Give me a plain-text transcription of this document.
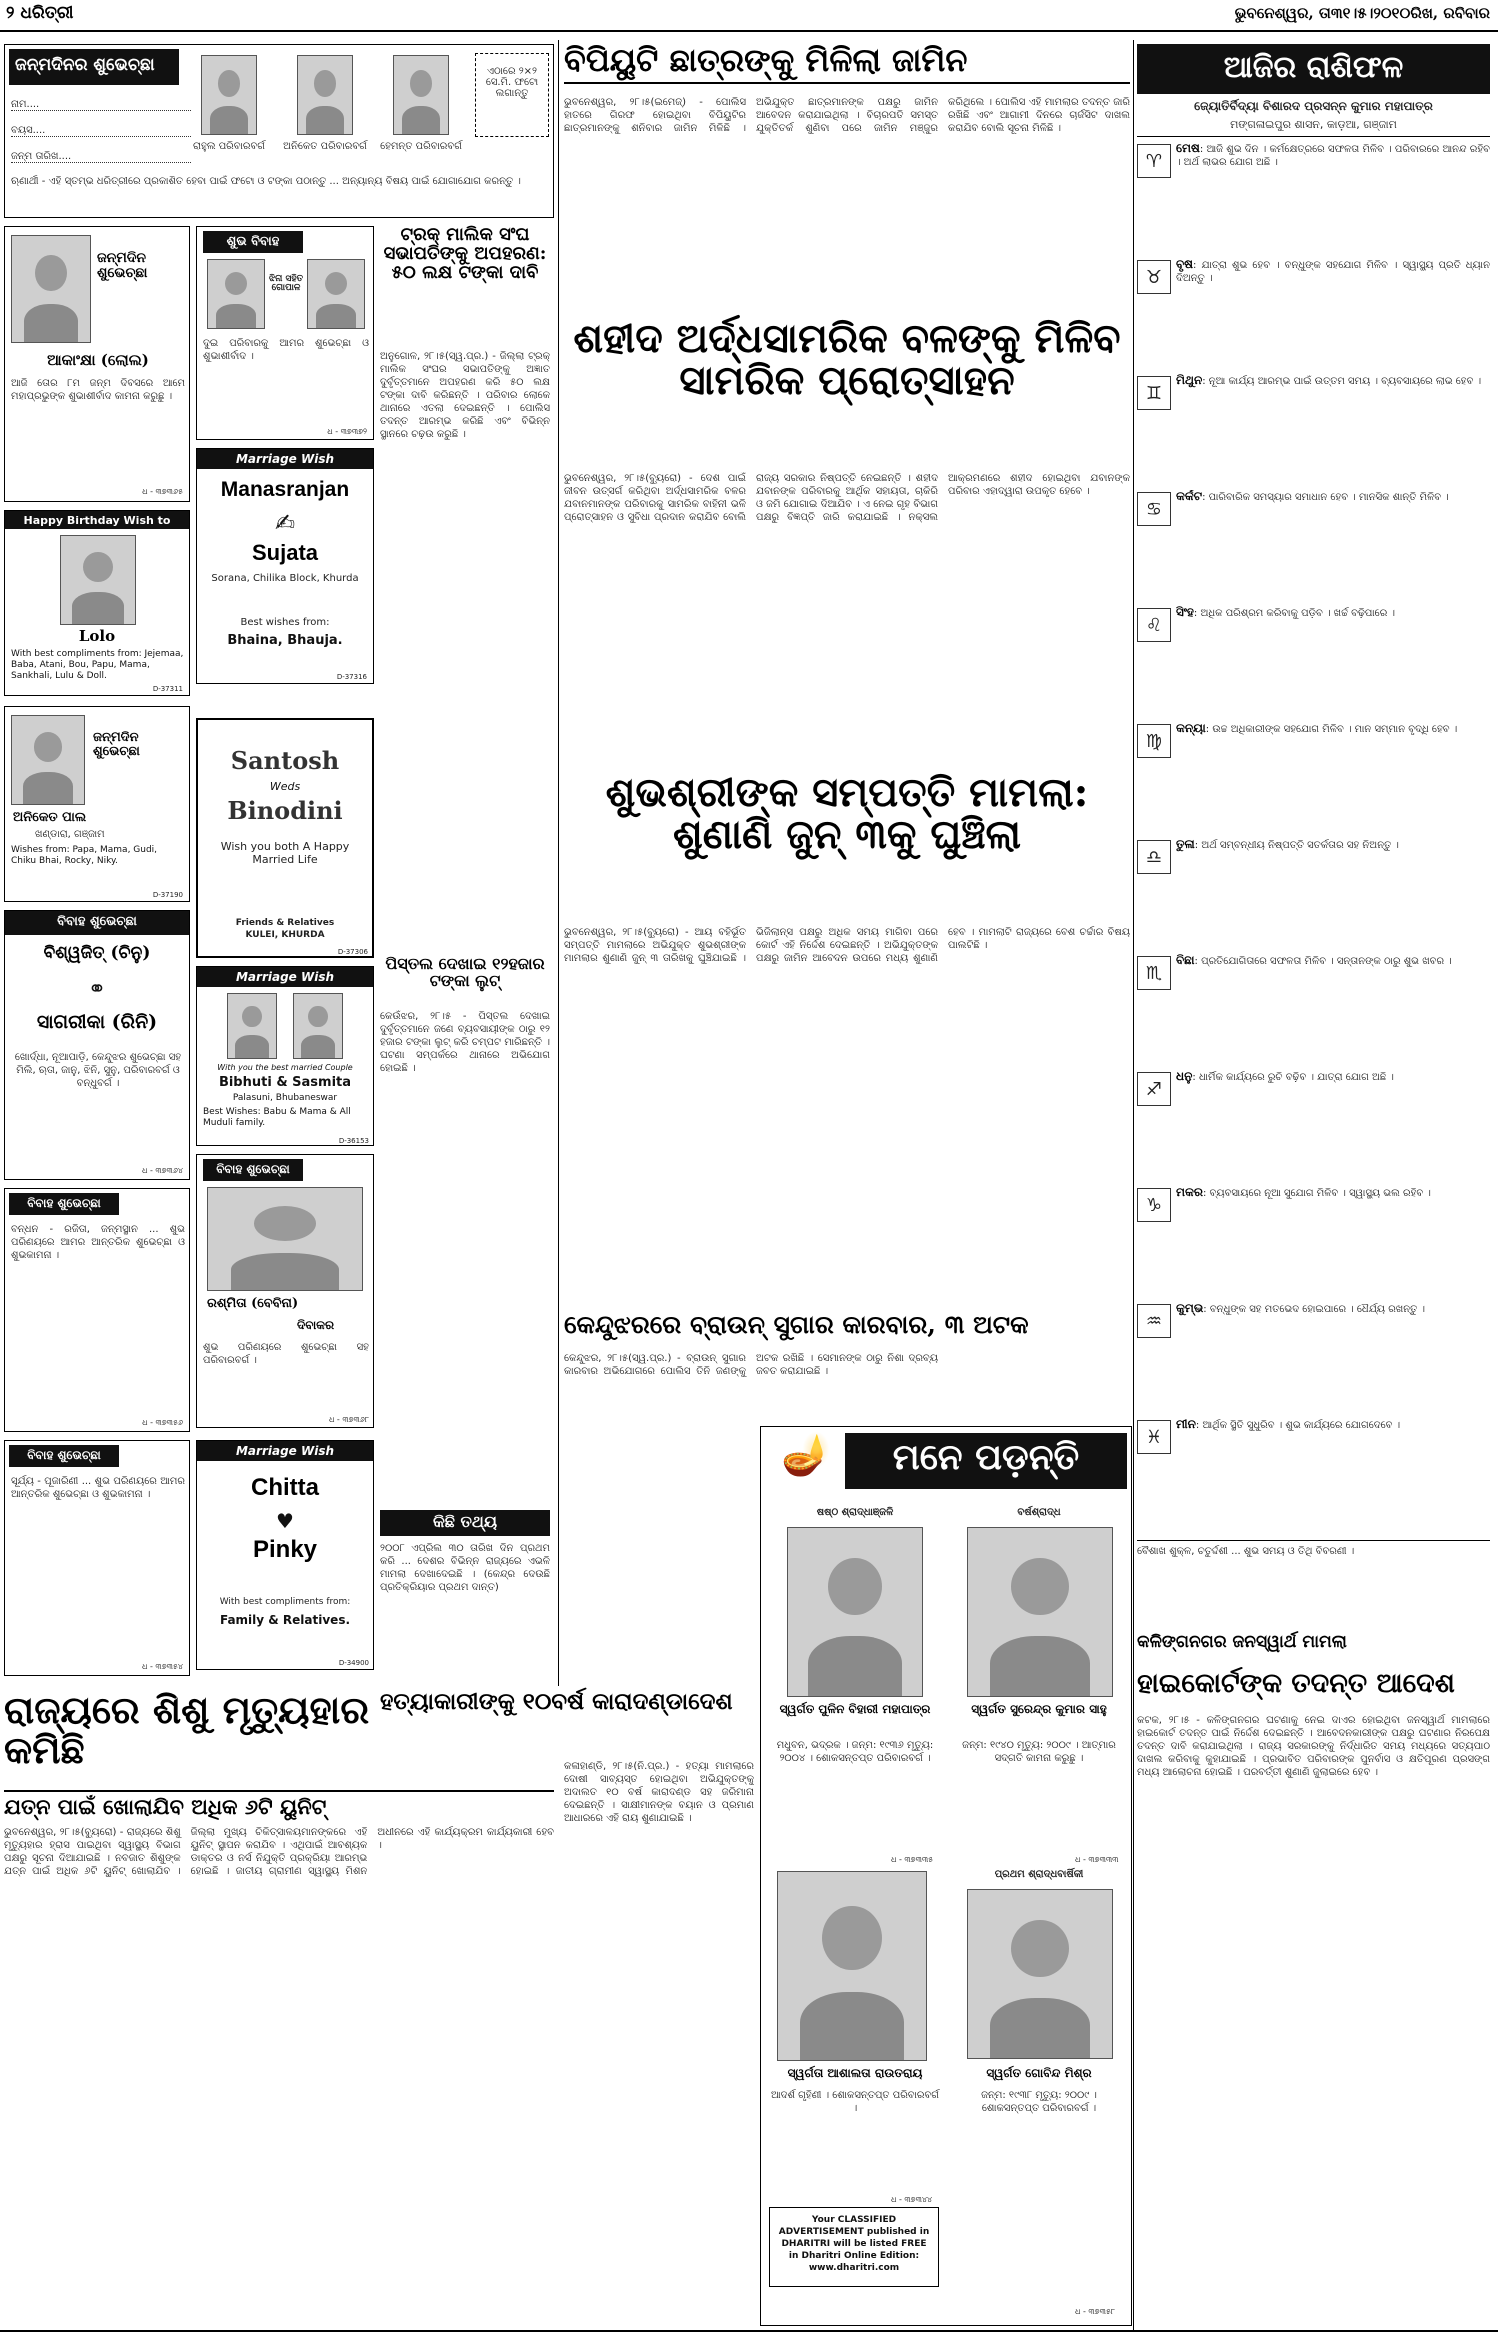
୨ ଧରିତ୍ରୀ	ଭୁବନେଶ୍ୱର, ତା୩୧।୫।୨୦୧୦ରିଖ, ରବିବାର
ଜନ୍ମଦିନର ଶୁଭେଚ୍ଛା
ନାମ....
ବୟସ....
ଜନ୍ମ ତାରିଖ....
ରାହୁଲ ପରିବାରବର୍ଗ	ଅନିକେତ ପରିବାରବର୍ଗ	ହେମନ୍ତ ପରିବାରବର୍ଗ
ଏଠାରେ ୨×୨ ସେ.ମି. ଫଟୋ ଲଗାନ୍ତୁ
ଋଣାର୍ଥୀ - ଏହି ସ୍ତମ୍ଭ ଧରିତ୍ରୀରେ ପ୍ରକାଶିତ ହେବା ପାଇଁ ଫଟୋ ଓ ଟଙ୍କା ପଠାନ୍ତୁ ... ଅନ୍ୟାନ୍ୟ ବିଷୟ ପାଇଁ ଯୋଗାଯୋଗ କରନ୍ତୁ ।
ଜନ୍ମଦିନ ଶୁଭେଚ୍ଛା
ଆକାଂକ୍ଷା (ଲୋଲ)
ଆଜି ତୋର ୮ମ ଜନ୍ମ ଦିବସରେ ଆମେ ମହାପ୍ରଭୁଙ୍କ ଶୁଭାଶୀର୍ବାଦ କାମନା କରୁଛୁ ।
ଧ - ୩୭୩୬୫
Happy Birthday Wish to
Lolo
With best compliments from: Jejemaa, Baba, Atani, Bou, Papu, Mama, Sankhali, Lulu & Doll.
D-37311
ଜନ୍ମଦିନ ଶୁଭେଚ୍ଛା
ଅନିକେତ ପାଲ
ଖଣ୍ଡାରା, ଗଞ୍ଜାମ
Wishes from: Papa, Mama, Gudi, Chiku Bhai, Rocky, Niky.
D-37190
ବିବାହ ଶୁଭେଚ୍ଛା
ବିଶ୍ୱଜିତ୍ (ଚିନୁ)
⚭
ସାଗରୀକା (ରିନି)
ଖୋର୍ଦ୍ଧା, ନୂଆପାଡ଼ି, କେନ୍ଦୁଝର ଶୁଭେଚ୍ଛା ସହ ମିଲି, ଋତା, ଜାନୁ, ଝିନି, ସୁନୁ, ପରିବାରବର୍ଗ ଓ ବନ୍ଧୁବର୍ଗ ।
ଧ - ୩୭୩୬୪
ବିବାହ ଶୁଭେଚ୍ଛା
ବନ୍ଧନ - ରଜିତା, ଜନ୍ମସ୍ଥାନ ... ଶୁଭ ପରିଣୟରେ ଆମର ଆନ୍ତରିକ ଶୁଭେଚ୍ଛା ଓ ଶୁଭକାମନା ।
ଧ - ୩୭୩୫୬
ବିବାହ ଶୁଭେଚ୍ଛା
ସୂର୍ଯ୍ୟ - ପୂଜାରିଣୀ ... ଶୁଭ ପରିଣୟରେ ଆମର ଆନ୍ତରିକ ଶୁଭେଚ୍ଛା ଓ ଶୁଭକାମନା ।
ଧ - ୩୭୩୫୪
ଶୁଭ ବିବାହ
ଝିନା ସହିତ ଗୋପାଳ
ଦୁଇ ପରିବାରକୁ ଆମର ଶୁଭେଚ୍ଛା ଓ ଶୁଭାଶୀର୍ବାଦ ।
ଧ - ୩୭୩୭୨
Marriage Wish
Manasranjan
✍
Sujata
Sorana, Chilika Block, Khurda
Best wishes from:
Bhaina, Bhauja.
D-37316
Santosh
Weds
Binodini
Wish you both A Happy Married Life
Friends & Relatives
KULEI, KHURDA
D-37306
Marriage Wish
With you the best married Couple
Bibhuti & Sasmita
Palasuni, Bhubaneswar
Best Wishes: Babu & Mama & All Muduli family.
D-36153
ବିବାହ ଶୁଭେଚ୍ଛା
ରଶ୍ମିତା (ବେବିନା)
ଦିବାକର
ଶୁଭ ପରିଣୟରେ ଶୁଭେଚ୍ଛା ସହ ପରିବାରବର୍ଗ ।
ଧ - ୩୭୩୬୮
Marriage Wish
Chitta
♥
Pinky
With best compliments from:
Family & Relatives.
D-34900
ଟ୍ରକ୍ ମାଲିକ ସଂଘ ସଭାପତିଙ୍କୁ ଅପହରଣ: ୫୦ ଲକ୍ଷ ଟଙ୍କା ଦାବି
ଅନୁଗୋଳ, ୨୮।୫(ସ୍ୱ.ପ୍ର.) - ଜିଲ୍ଲା ଟ୍ରକ୍ ମାଲିକ ସଂଘର ସଭାପତିଙ୍କୁ ଅଜ୍ଞାତ ଦୁର୍ବୃତ୍ତମାନେ ଅପହରଣ କରି ୫୦ ଲକ୍ଷ ଟଙ୍କା ଦାବି କରିଛନ୍ତି । ପରିବାର ଲୋକେ ଥାନାରେ ଏତଲା ଦେଇଛନ୍ତି । ପୋଲିସ ତଦନ୍ତ ଆରମ୍ଭ କରିଛି ଏବଂ ବିଭିନ୍ନ ସ୍ଥାନରେ ଚଢ଼ଉ କରୁଛି ।
ପିସ୍ତଲ ଦେଖାଇ ୧୨ହଜାର ଟଙ୍କା ଲୁଟ୍
କେଉଁଝର, ୨୮।୫ - ପିସ୍ତଲ ଦେଖାଇ ଦୁର୍ବୃତ୍ତମାନେ ଜଣେ ବ୍ୟବସାୟୀଙ୍କ ଠାରୁ ୧୨ ହଜାର ଟଙ୍କା ଲୁଟ୍ କରି ଚମ୍ପଟ ମାରିଛନ୍ତି । ଘଟଣା ସମ୍ପର୍କରେ ଥାନାରେ ଅଭିଯୋଗ ହୋଇଛି ।
କିଛି ତଥ୍ୟ
୨୦୦୮ ଏପ୍ରିଲ ୩୦ ତାରିଖ ଦିନ ପ୍ରଥମ କରି ... ଦେଶର ବିଭିନ୍ନ ରାଜ୍ୟରେ ଏଭଳି ମାମଲା ଦେଖାଦେଇଛି । (କେନ୍ଦ୍ର ଦେଉଛି ପ୍ରତିକ୍ରିୟାର ପ୍ରଥମ ଦାନ୍ତ)
ବିପିୟୁଟି ଛାତ୍ରଙ୍କୁ ମିଳିଲା ଜାମିନ
ଭୁବନେଶ୍ୱର, ୨୮।୫(ଇମେଜ୍) - ପୋଲିସ ହାତରେ ଗିରଫ ହୋଇଥିବା ବିପିୟୁଟିର ଛାତ୍ରମାନଙ୍କୁ ଶନିବାର ଜାମିନ ମିଳିଛି । ଅଭିଯୁକ୍ତ ଛାତ୍ରମାନଙ୍କ ପକ୍ଷରୁ ଜାମିନ ଆବେଦନ କରାଯାଇଥିଲା । ବିଚାରପତି ସମସ୍ତ ଯୁକ୍ତିତର୍କ ଶୁଣିବା ପରେ ଜାମିନ ମଞ୍ଜୁର କରିଥିଲେ । ପୋଲିସ ଏହି ମାମଲାର ତଦନ୍ତ ଜାରି ରଖିଛି ଏବଂ ଆଗାମୀ ଦିନରେ ଚାର୍ଜସିଟ ଦାଖଲ କରାଯିବ ବୋଲି ସୂଚନା ମିଳିଛି ।
ଶହୀଦ ଅର୍ଦ୍ଧସାମରିକ ବଳଙ୍କୁ ମିଳିବ ସାମରିକ ପ୍ରୋତ୍ସାହନ
ଭୁବନେଶ୍ୱର, ୨୮।୫(ବ୍ୟୁରୋ) - ଦେଶ ପାଇଁ ଜୀବନ ଉତ୍ସର୍ଗ କରିଥିବା ଅର୍ଦ୍ଧସାମରିକ ବଳର ଯବାନମାନଙ୍କ ପରିବାରକୁ ସାମରିକ ବାହିନୀ ଭଳି ପ୍ରୋତ୍ସାହନ ଓ ସୁବିଧା ପ୍ରଦାନ କରାଯିବ ବୋଲି ରାଜ୍ୟ ସରକାର ନିଷ୍ପତ୍ତି ନେଇଛନ୍ତି । ଶହୀଦ ଯବାନଙ୍କ ପରିବାରକୁ ଆର୍ଥିକ ସହାୟତା, ଚାକିରି ଓ ଜମି ଯୋଗାଇ ଦିଆଯିବ । ଏ ନେଇ ଗୃହ ବିଭାଗ ପକ୍ଷରୁ ବିଜ୍ଞପ୍ତି ଜାରି କରାଯାଇଛି । ନକ୍ସଲ ଆକ୍ରମଣରେ ଶହୀଦ ହୋଇଥିବା ଯବାନଙ୍କ ପରିବାର ଏହାଦ୍ୱାରା ଉପକୃତ ହେବେ ।
ଶୁଭଶ୍ରୀଙ୍କ ସମ୍ପତ୍ତି ମାମଲା: ଶୁଣାଣି ଜୁନ୍ ୩କୁ ଘୁଞ୍ଚିଲା
ଭୁବନେଶ୍ୱର, ୨୮।୫(ବ୍ୟୁରୋ) - ଆୟ ବହିର୍ଭୂତ ସମ୍ପତ୍ତି ମାମଲାରେ ଅଭିଯୁକ୍ତ ଶୁଭଶ୍ରୀଙ୍କ ମାମଲାର ଶୁଣାଣି ଜୁନ୍ ୩ ତାରିଖକୁ ଘୁଞ୍ଚିଯାଇଛି । ଭିଜିଲାନ୍ସ ପକ୍ଷରୁ ଅଧିକ ସମୟ ମାଗିବା ପରେ କୋର୍ଟ ଏହି ନିର୍ଦ୍ଦେଶ ଦେଇଛନ୍ତି । ଅଭିଯୁକ୍ତଙ୍କ ପକ୍ଷରୁ ଜାମିନ ଆବେଦନ ଉପରେ ମଧ୍ୟ ଶୁଣାଣି ହେବ । ମାମଲାଟି ରାଜ୍ୟରେ ବେଶ ଚର୍ଚ୍ଚାର ବିଷୟ ପାଲଟିଛି ।
କେନ୍ଦୁଝରରେ ବ୍ରାଉନ୍ ସୁଗାର କାରବାର, ୩ ଅଟକ
କେନ୍ଦୁଝର, ୨୮।୫(ସ୍ୱ.ପ୍ର.) - ବ୍ରାଉନ୍ ସୁଗାର କାରବାର ଅଭିଯୋଗରେ ପୋଲିସ ତିନି ଜଣଙ୍କୁ ଅଟକ ରଖିଛି । ସେମାନଙ୍କ ଠାରୁ ନିଶା ଦ୍ରବ୍ୟ ଜବତ କରାଯାଇଛି ।
🪔	ମନେ ପଡ଼ନ୍ତି
ଷଷ୍ଠ ଶ୍ରାଦ୍ଧାଞ୍ଜଳି
ସ୍ୱର୍ଗତ ପୁଳିନ ବିହାରୀ ମହାପାତ୍ର
ମଧୁବନ, ଭଦ୍ରକ । ଜନ୍ମ: ୧୯୩୬ ମୃତ୍ୟୁ: ୨୦୦୪ । ଶୋକସନ୍ତପ୍ତ ପରିବାରବର୍ଗ ।
ଧ - ୩୭୩୩୫
ବର୍ଷଶ୍ରାଦ୍ଧ
ସ୍ୱର୍ଗତ ସୁରେନ୍ଦ୍ର କୁମାର ସାହୁ
ଜନ୍ମ: ୧୯୪୦ ମୃତ୍ୟୁ: ୨୦୦୯ । ଆତ୍ମାର ସଦ୍ଗତି କାମନା କରୁଛୁ ।
ଧ - ୩୭୩୩୩
ସ୍ୱର୍ଗତା ଆଶାଲତା ରାଉତରାୟ
ଆଦର୍ଶ ଗୃହିଣୀ । ଶୋକସନ୍ତପ୍ତ ପରିବାରବର୍ଗ ।
ଧ - ୩୭୩୪୪
ପ୍ରଥମ ଶ୍ରାଦ୍ଧବାର୍ଷିକୀ
ସ୍ୱର୍ଗତ ଗୋବିନ୍ଦ ମିଶ୍ର
ଜନ୍ମ: ୧୯୩୮ ମୃତ୍ୟୁ: ୨୦୦୯ । ଶୋକସନ୍ତପ୍ତ ପରିବାରବର୍ଗ ।
ଧ - ୩୭୩୫୮
Your CLASSIFIED ADVERTISEMENT published in DHARITRI will be listed FREE in Dharitri Online Edition: www.dharitri.com
ରାଜ୍ୟରେ ଶିଶୁ ମୃତ୍ୟୁହାର କମିଛି
ଯତ୍ନ ପାଇଁ ଖୋଲାଯିବ ଅଧିକ ୬ଟି ୟୁନିଟ୍
ଭୁବନେଶ୍ୱର, ୨୮।୫(ବ୍ୟୁରୋ) - ରାଜ୍ୟରେ ଶିଶୁ ମୃତ୍ୟୁହାର ହ୍ରାସ ପାଇଥିବା ସ୍ୱାସ୍ଥ୍ୟ ବିଭାଗ ପକ୍ଷରୁ ସୂଚନା ଦିଆଯାଇଛି । ନବଜାତ ଶିଶୁଙ୍କ ଯତ୍ନ ପାଇଁ ଅଧିକ ୬ଟି ୟୁନିଟ୍ ଖୋଲାଯିବ । ଜିଲ୍ଲା ମୁଖ୍ୟ ଚିକିତ୍ସାଳୟମାନଙ୍କରେ ଏହି ୟୁନିଟ୍ ସ୍ଥାପନ କରାଯିବ । ଏଥିପାଇଁ ଆବଶ୍ୟକ ଡାକ୍ତର ଓ ନର୍ସ ନିଯୁକ୍ତି ପ୍ରକ୍ରିୟା ଆରମ୍ଭ ହୋଇଛି । ଜାତୀୟ ଗ୍ରାମୀଣ ସ୍ୱାସ୍ଥ୍ୟ ମିଶନ ଅଧୀନରେ ଏହି କାର୍ଯ୍ୟକ୍ରମ କାର୍ଯ୍ୟକାରୀ ହେବ ।
ହତ୍ୟାକାରୀଙ୍କୁ ୧୦ବର୍ଷ କାରାଦଣ୍ଡାଦେଶ
କଳାହାଣ୍ଡି, ୨୮।୫(ନି.ପ୍ର.) - ହତ୍ୟା ମାମଲାରେ ଦୋଷୀ ସାବ୍ୟସ୍ତ ହୋଇଥିବା ଅଭିଯୁକ୍ତଙ୍କୁ ଅଦାଲତ ୧୦ ବର୍ଷ କାରାଦଣ୍ଡ ସହ ଜରିମାନା ଦେଇଛନ୍ତି । ସାକ୍ଷୀମାନଙ୍କ ବୟାନ ଓ ପ୍ରମାଣ ଆଧାରରେ ଏହି ରାୟ ଶୁଣାଯାଇଛି ।
ଆଜିର ରାଶିଫଳ
ଜ୍ୟୋତିର୍ବିଦ୍ୟା ବିଶାରଦ ପ୍ରସନ୍ନ କୁମାର ମହାପାତ୍ର
ମଙ୍ଗଳାଇପୁର ଶାସନ, କାଡ଼ଆ, ଗଞ୍ଜାମ
♈
ମେଷ: ଆଜି ଶୁଭ ଦିନ । କର୍ମକ୍ଷେତ୍ରରେ ସଫଳତା ମିଳିବ । ପରିବାରରେ ଆନନ୍ଦ ରହିବ । ଅର୍ଥ ଲାଭର ଯୋଗ ଅଛି ।
♉
ବୃଷ: ଯାତ୍ରା ଶୁଭ ହେବ । ବନ୍ଧୁଙ୍କ ସହଯୋଗ ମିଳିବ । ସ୍ୱାସ୍ଥ୍ୟ ପ୍ରତି ଧ୍ୟାନ ଦିଅନ୍ତୁ ।
♊
ମିଥୁନ: ନୂଆ କାର୍ଯ୍ୟ ଆରମ୍ଭ ପାଇଁ ଉତ୍ତମ ସମୟ । ବ୍ୟବସାୟରେ ଲାଭ ହେବ ।
♋
କର୍କଟ: ପାରିବାରିକ ସମସ୍ୟାର ସମାଧାନ ହେବ । ମାନସିକ ଶାନ୍ତି ମିଳିବ ।
♌
ସିଂହ: ଅଧିକ ପରିଶ୍ରମ କରିବାକୁ ପଡ଼ିବ । ଖର୍ଚ୍ଚ ବଢ଼ିପାରେ ।
♍
କନ୍ୟା: ଉଚ୍ଚ ଅଧିକାରୀଙ୍କ ସହଯୋଗ ମିଳିବ । ମାନ ସମ୍ମାନ ବୃଦ୍ଧି ହେବ ।
♎
ତୁଳା: ଅର୍ଥ ସମ୍ବନ୍ଧୀୟ ନିଷ୍ପତ୍ତି ସତର୍କତାର ସହ ନିଅନ୍ତୁ ।
♏
ବିଛା: ପ୍ରତିଯୋଗିତାରେ ସଫଳତା ମିଳିବ । ସନ୍ତାନଙ୍କ ଠାରୁ ଶୁଭ ଖବର ।
♐
ଧନୁ: ଧାର୍ମିକ କାର୍ଯ୍ୟରେ ରୁଚି ବଢ଼ିବ । ଯାତ୍ରା ଯୋଗ ଅଛି ।
♑
ମକର: ବ୍ୟବସାୟରେ ନୂଆ ସୁଯୋଗ ମିଳିବ । ସ୍ୱାସ୍ଥ୍ୟ ଭଲ ରହିବ ।
♒
କୁମ୍ଭ: ବନ୍ଧୁଙ୍କ ସହ ମତଭେଦ ହୋଇପାରେ । ଧୈର୍ଯ୍ୟ ରଖନ୍ତୁ ।
♓
ମୀନ: ଆର୍ଥିକ ସ୍ଥିତି ସୁଧୁରିବ । ଶୁଭ କାର୍ଯ୍ୟରେ ଯୋଗଦେବେ ।
ବୈଶାଖ ଶୁକ୍ଳ, ଚତୁର୍ଦ୍ଦଶୀ ... ଶୁଭ ସମୟ ଓ ତିଥି ବିବରଣୀ ।
କଳିଙ୍ଗନଗର ଜନସ୍ୱାର୍ଥ ମାମଲା
ହାଇକୋର୍ଟଙ୍କ ତଦନ୍ତ ଆଦେଶ
କଟକ, ୨୮।୫ - କଳିଙ୍ଗନଗର ଘଟଣାକୁ ନେଇ ଦାଏର ହୋଇଥିବା ଜନସ୍ୱାର୍ଥ ମାମଲାରେ ହାଇକୋର୍ଟ ତଦନ୍ତ ପାଇଁ ନିର୍ଦ୍ଦେଶ ଦେଇଛନ୍ତି । ଆବେଦନକାରୀଙ୍କ ପକ୍ଷରୁ ଘଟଣାର ନିରପେକ୍ଷ ତଦନ୍ତ ଦାବି କରାଯାଇଥିଲା । ରାଜ୍ୟ ସରକାରଙ୍କୁ ନିର୍ଦ୍ଧାରିତ ସମୟ ମଧ୍ୟରେ ସତ୍ୟପାଠ ଦାଖଲ କରିବାକୁ କୁହାଯାଇଛି । ପ୍ରଭାବିତ ପରିବାରଙ୍କ ପୁନର୍ବାସ ଓ କ୍ଷତିପୂରଣ ପ୍ରସଙ୍ଗ ମଧ୍ୟ ଆଲୋଚନା ହୋଇଛି । ପରବର୍ତ୍ତୀ ଶୁଣାଣି ଜୁଲାଇରେ ହେବ ।
